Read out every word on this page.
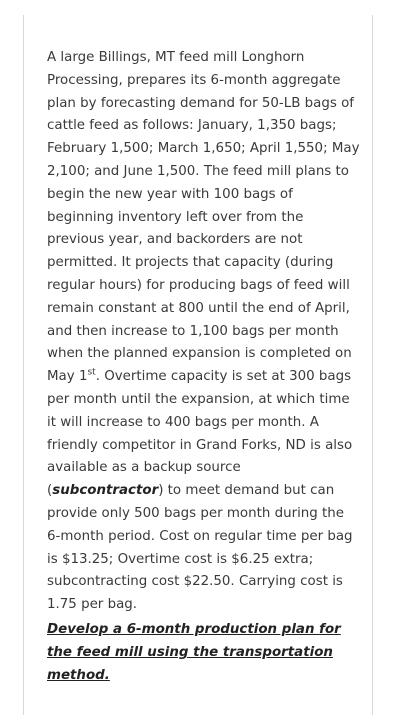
A large Billings, MT feed mill Longhorn Processing, prepares its 6-month aggregate plan by forecasting demand for 50-LB bags of cattle feed as follows: January, 1,350 bags; February 1,500; March 1,650; April 1,550; May 2,100; and June 1,500. The feed mill plans to begin the new year with 100 bags of beginning inventory left over from the previous year, and backorders are not permitted. It projects that capacity (during regular hours) for producing bags of feed will remain constant at 800 until the end of April, and then increase to 1,100 bags per month when the planned expansion is completed on May 1st. Overtime capacity is set at 300 bags per month until the expansion, at which time it will increase to 400 bags per month. A friendly competitor in Grand Forks, ND is also available as a backup source (subcontractor) to meet demand but can provide only 500 bags per month during the 6-month period. Cost on regular time per bag is $13.25; Overtime cost is $6.25 extra; subcontracting cost $22.50. Carrying cost is 1.75 per bag.

Develop a 6-month production plan for the feed mill using the transportation method.
